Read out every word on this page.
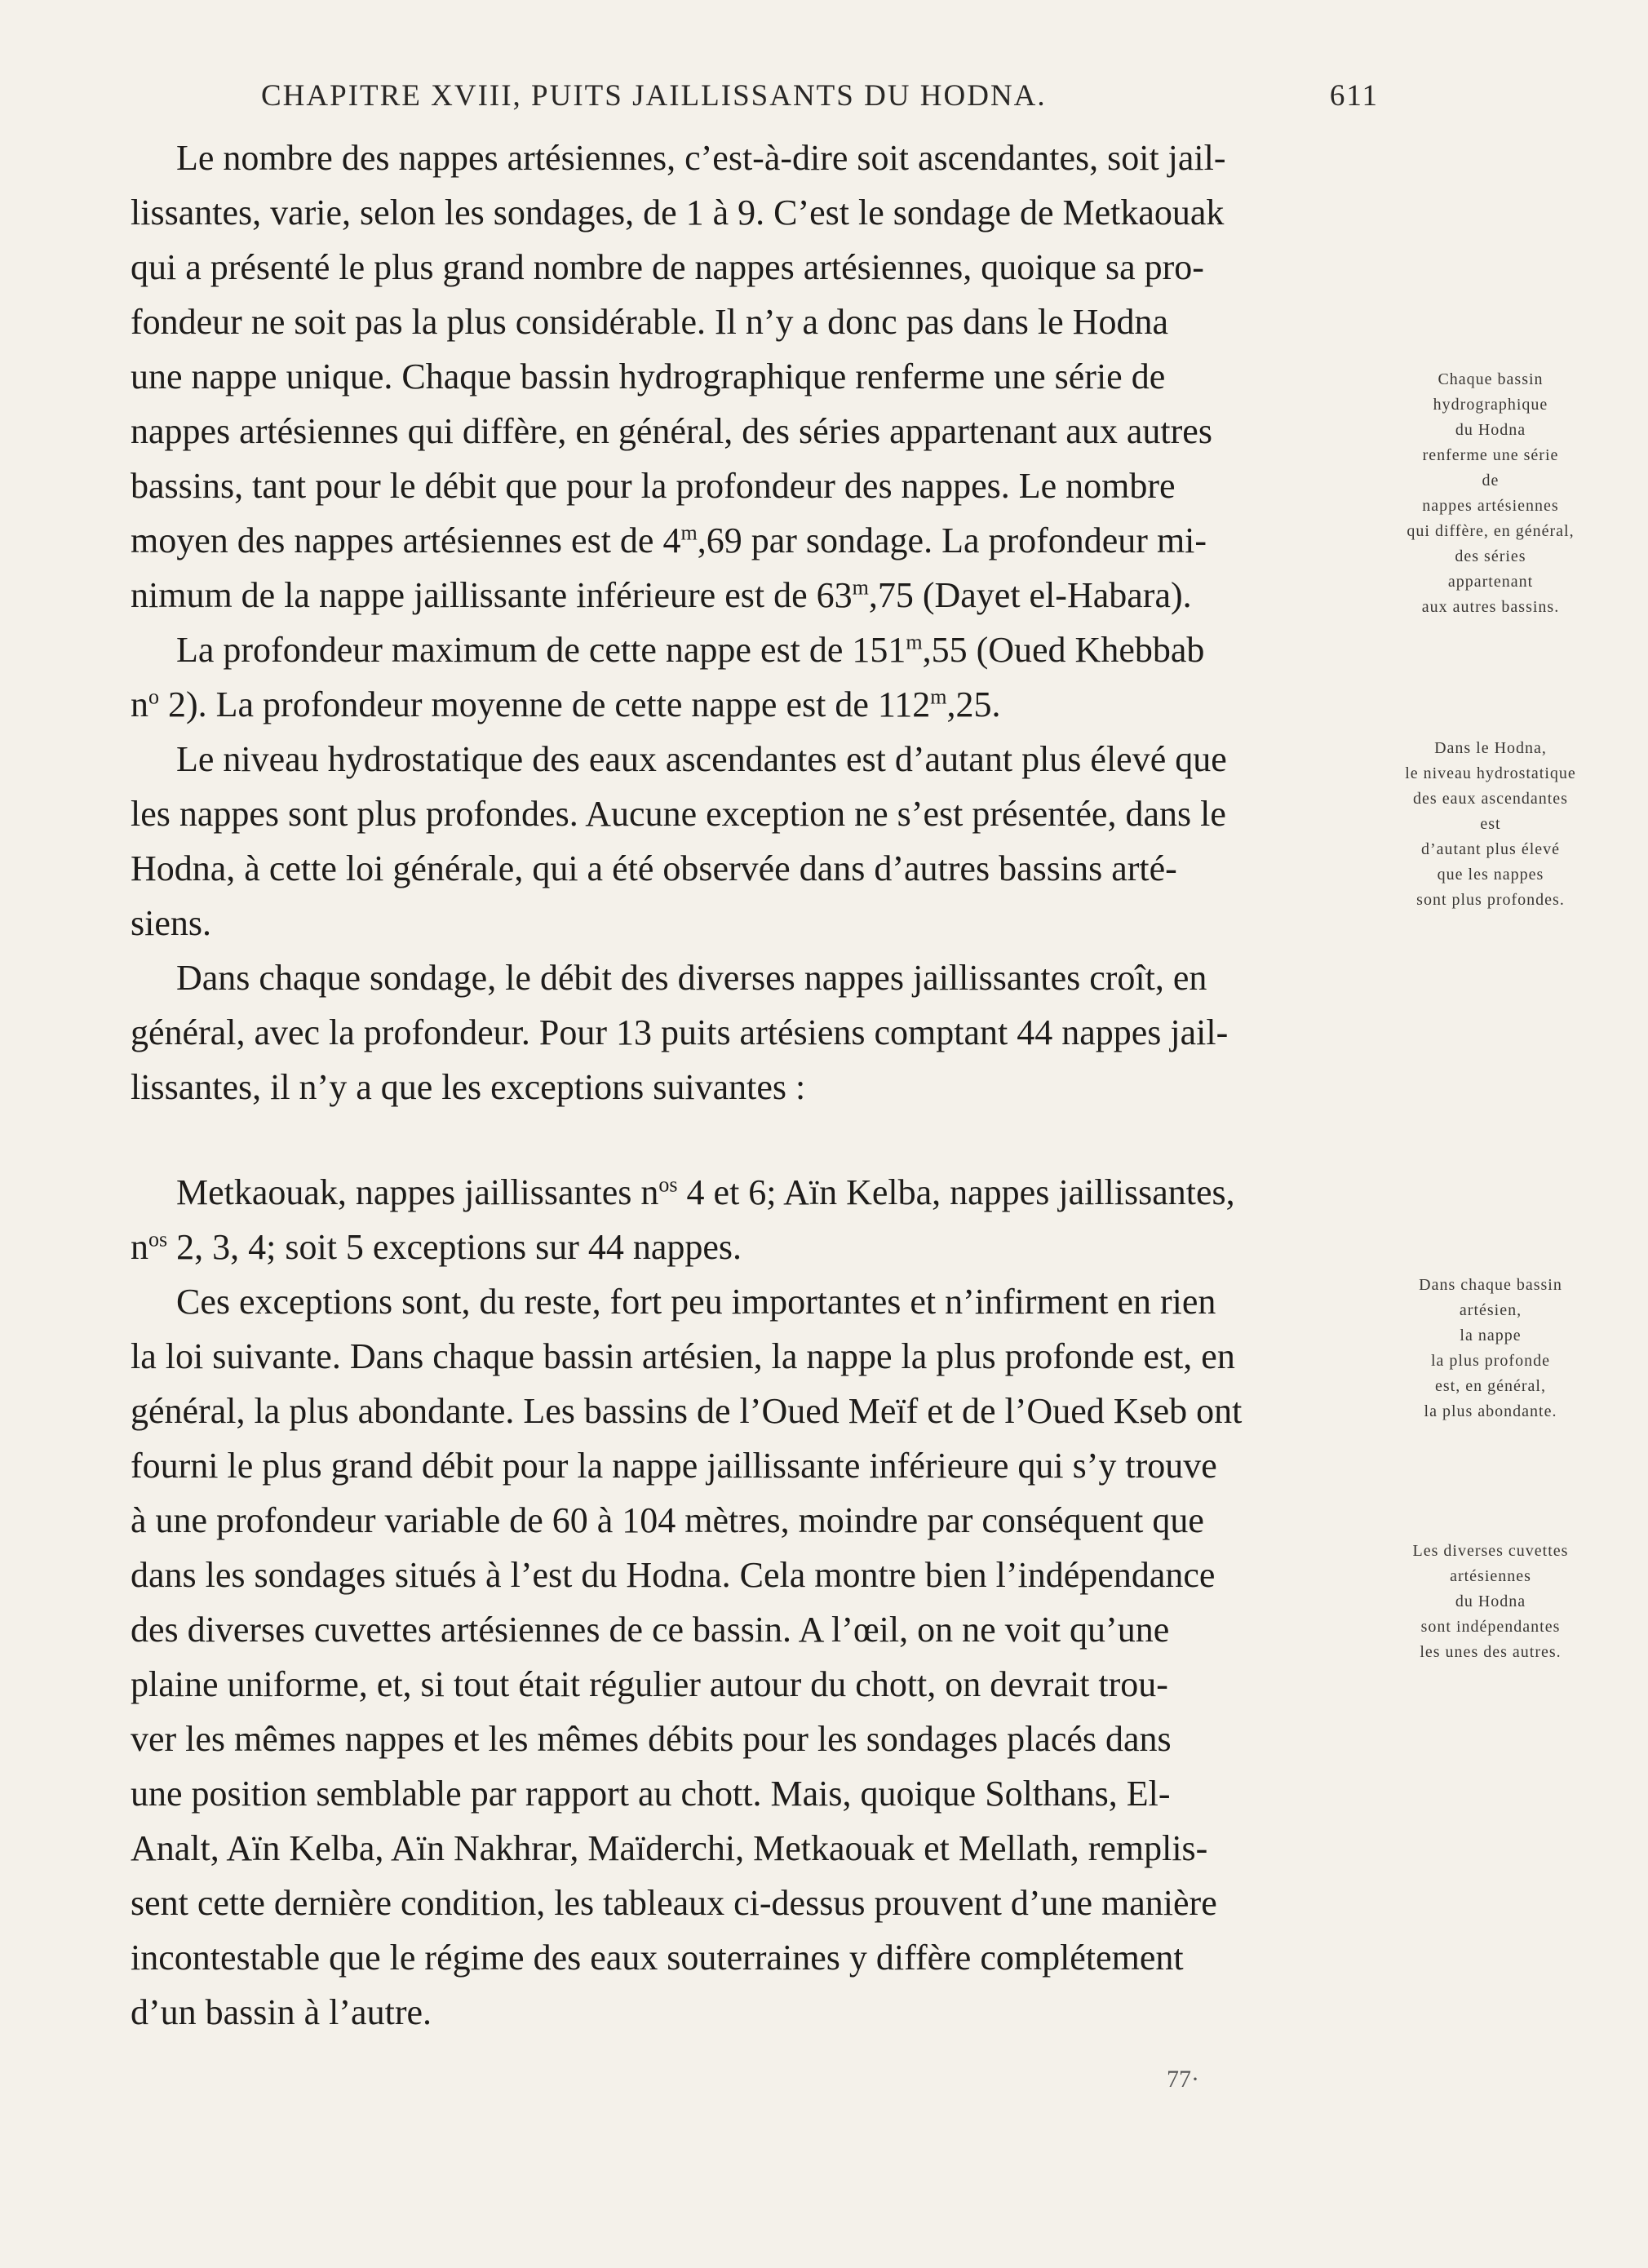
CHAPITRE XVIII, PUITS JAILLISSANTS DU HODNA.	611

Le nombre des nappes artésiennes, c’est-à-dire soit ascendantes, soit jail-

lissantes, varie, selon les sondages, de 1 à 9. C’est le sondage de Metkaouak

qui a présenté le plus grand nombre de nappes artésiennes, quoique sa pro-

fondeur ne soit pas la plus considérable. Il n’y a donc pas dans le Hodna

une nappe unique. Chaque bassin hydrographique renferme une série de

nappes artésiennes qui diffère, en général, des séries appartenant aux autres

bassins, tant pour le débit que pour la profondeur des nappes. Le nombre

moyen des nappes artésiennes est de 4$^m$,69 par sondage. La profondeur mi-

nimum de la nappe jaillissante inférieure est de 63$^m$,75 (Dayet el-Habara).

La profondeur maximum de cette nappe est de 151$^m$,55 (Oued Khebbab

$n^o$ 2). La profondeur moyenne de cette nappe est de 112$^m$,25.

Le niveau hydrostatique des eaux ascendantes est d’autant plus élevé que

les nappes sont plus profondes. Aucune exception ne s’est présentée, dans le

Hodna, à cette loi générale, qui a été observée dans d’autres bassins arté-

siens.

Dans chaque sondage, le débit des diverses nappes jaillissantes croît, en

général, avec la profondeur. Pour 13 puits artésiens comptant 44 nappes jail-

lissantes, il n’y a que les exceptions suivantes :

Metkaouak, nappes jaillissantes $n^{os}$ 4 et 6; Aïn Kelba, nappes jaillissantes,

$n^{os}$ 2, 3, 4; soit 5 exceptions sur 44 nappes.

Ces exceptions sont, du reste, fort peu importantes et n’infirment en rien

la loi suivante. Dans chaque bassin artésien, la nappe la plus profonde est, en

général, la plus abondante. Les bassins de l’Oued Meïf et de l’Oued Kseb ont

fourni le plus grand débit pour la nappe jaillissante inférieure qui s’y trouve

à une profondeur variable de 60 à 104 mètres, moindre par conséquent que

dans les sondages situés à l’est du Hodna. Cela montre bien l’indépendance

des diverses cuvettes artésiennes de ce bassin. A l’œil, on ne voit qu’une

plaine uniforme, et, si tout était régulier autour du chott, on devrait trou-

ver les mêmes nappes et les mêmes débits pour les sondages placés dans

une position semblable par rapport au chott. Mais, quoique Solthans, El-

Analt, Aïn Kelba, Aïn Nakhrar, Maïderchi, Metkaouak et Mellath, remplis-

sent cette dernière condition, les tableaux ci-dessus prouvent d’une manière

incontestable que le régime des eaux souterraines y diffère complétement

d’un bassin à l’autre.

Chaque bassin
hydrographique
du Hodna
renferme une série
de
nappes artésiennes
qui diffère, en général,
des séries
appartenant
aux autres bassins.
Dans le Hodna,
le niveau hydrostatique
des eaux ascendantes
est
d’autant plus élevé
que les nappes
sont plus profondes.
Dans chaque bassin
artésien,
la nappe
la plus profonde
est, en général,
la plus abondante.
Les diverses cuvettes
artésiennes
du Hodna
sont indépendantes
les unes des autres.
77·
